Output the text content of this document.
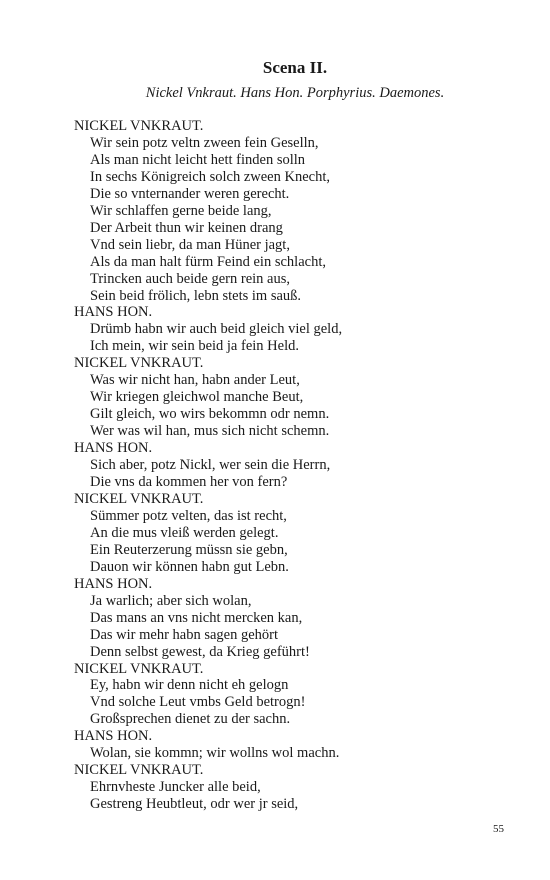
Scena II.
Nickel Vnkraut. Hans Hon. Porphyrius. Daemones.
NICKEL VNKRAUT.
Wir sein potz veltn zween fein Geselln,
Als man nicht leicht hett finden solln
In sechs Königreich solch zween Knecht,
Die so vnternander weren gerecht.
Wir schlaffen gerne beide lang,
Der Arbeit thun wir keinen drang
Vnd sein liebr, da man Hüner jagt,
Als da man halt fürm Feind ein schlacht,
Trincken auch beide gern rein aus,
Sein beid frölich, lebn stets im sauß.
HANS HON.
Drümb habn wir auch beid gleich viel geld,
Ich mein, wir sein beid ja fein Held.
NICKEL VNKRAUT.
Was wir nicht han, habn ander Leut,
Wir kriegen gleichwol manche Beut,
Gilt gleich, wo wirs bekommn odr nemn.
Wer was wil han, mus sich nicht schemn.
HANS HON.
Sich aber, potz Nickl, wer sein die Herrn,
Die vns da kommen her von fern?
NICKEL VNKRAUT.
Sümmer potz velten, das ist recht,
An die mus vleiß werden gelegt.
Ein Reuterzerung müssn sie gebn,
Dauon wir können habn gut Lebn.
HANS HON.
Ja warlich; aber sich wolan,
Das mans an vns nicht mercken kan,
Das wir mehr habn sagen gehört
Denn selbst gewest, da Krieg geführt!
NICKEL VNKRAUT.
Ey, habn wir denn nicht eh gelogn
Vnd solche Leut vmbs Geld betrogn!
Großsprechen dienet zu der sachn.
HANS HON.
Wolan, sie kommn; wir wollns wol machn.
NICKEL VNKRAUT.
Ehrnvheste Juncker alle beid,
Gestreng Heubtleut, odr wer jr seid,
55
